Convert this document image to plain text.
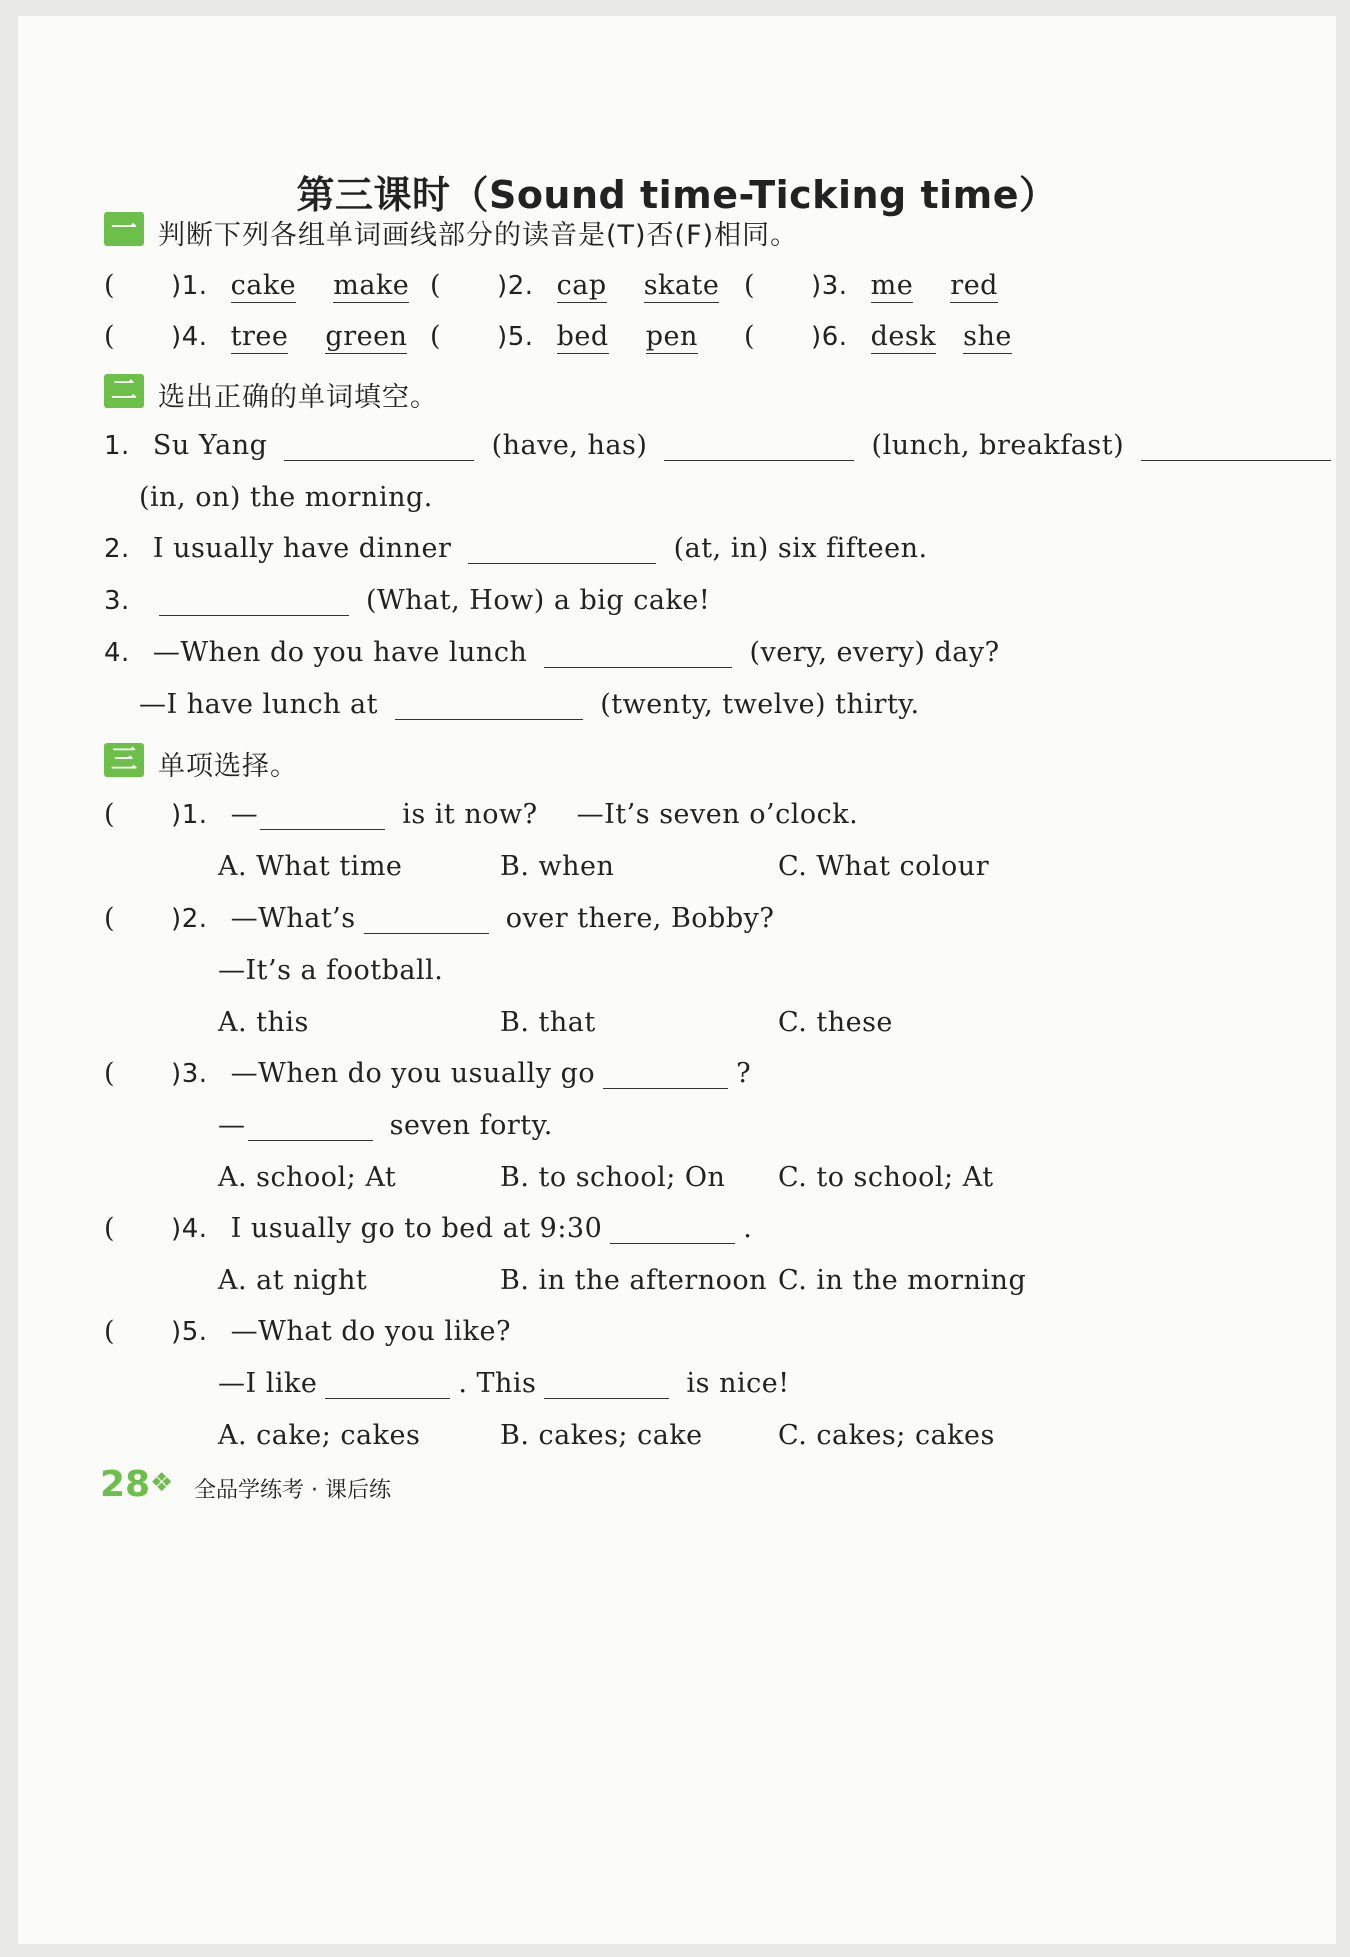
第三课时（Sound time-Ticking time）
一 判断下列各组单词画线部分的读音是(T)否(F)相同。
( )1. cake make ( )2. cap skate ( )3. me red
( )4. tree green ( )5. bed pen ( )6. desk she
二 选出正确的单词填空。
1. Su Yang	(have, has)	(lunch, breakfast)
(in, on) the morning.
2. I usually have dinner	(at, in) six fifteen.
3.	(What, How) a big cake!
4. —When do you have lunch	(very, every) day?
—I have lunch at	(twenty, twelve) thirty.
三 单项选择。
( )1. —	is it now? —It’s seven o’clock.
A. What time	B. when	C. What colour
( )2. —What’s	over there, Bobby?
—It’s a football.
A. this	B. that	C. these
( )3. —When do you usually go	?
—	seven forty.
A. school; At	B. to school; On C. to school; At
( )4. I usually go to bed at 9:30	.
A. at night	B. in the afternoon C. in the morning
( )5. —What do you like?
—I like	. This	is nice!
A. cake; cakes	B. cakes; cake	C. cakes; cakes
28 ❖ 全品学练考 · 课后练
